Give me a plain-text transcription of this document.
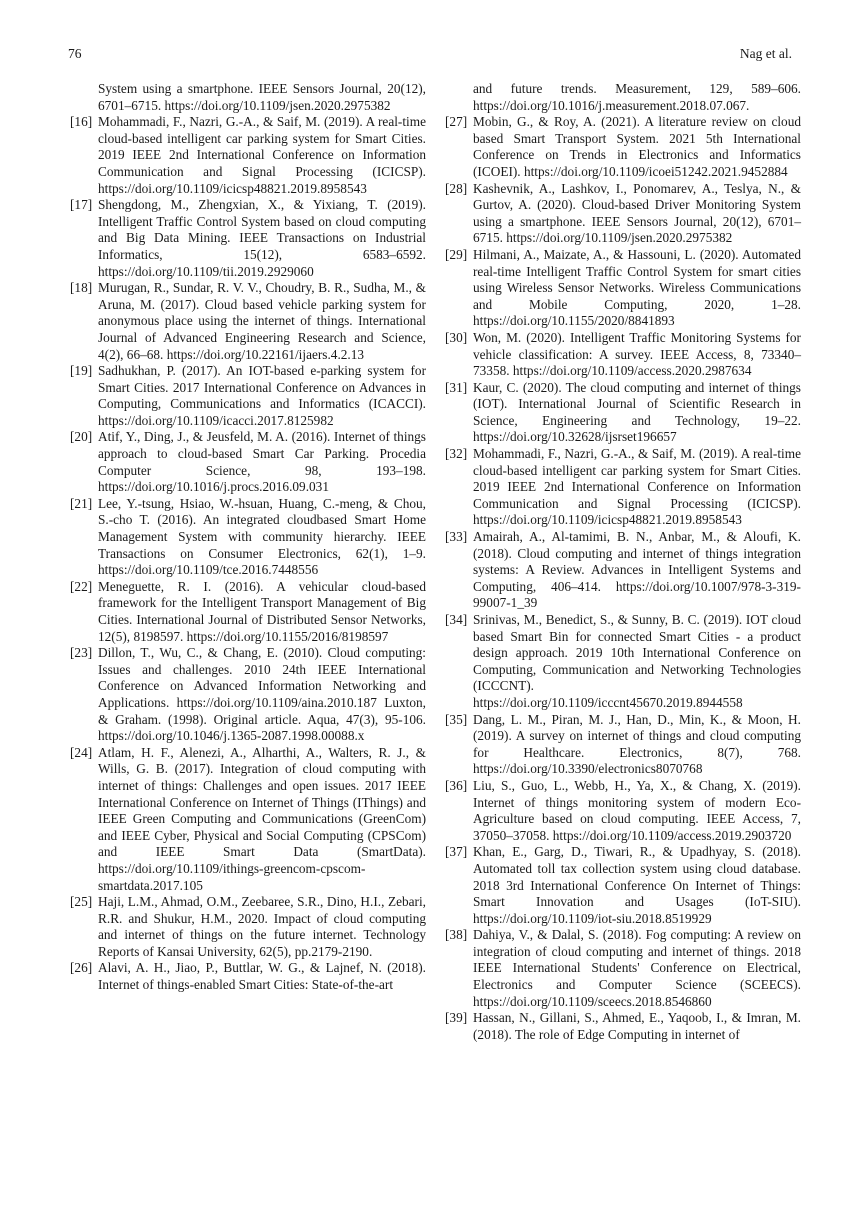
76	Nag et al.

System using a smartphone. IEEE Sensors Journal, 20(12), 6701–6715. https://doi.org/10.1109/jsen.2020.2975382

[16] Mohammadi, F., Nazri, G.-A., & Saif, M. (2019). A real-time cloud-based intelligent car parking system for Smart Cities. 2019 IEEE 2nd International Conference on Information Communication and Signal Processing (ICICSP). https://doi.org/10.1109/icicsp48821.2019.8958543

[17] Shengdong, M., Zhengxian, X., & Yixiang, T. (2019). Intelligent Traffic Control System based on cloud computing and Big Data Mining. IEEE Transactions on Industrial Informatics, 15(12), 6583–6592. https://doi.org/10.1109/tii.2019.2929060

[18] Murugan, R., Sundar, R. V. V., Choudry, B. R., Sudha, M., & Aruna, M. (2017). Cloud based vehicle parking system for anonymous place using the internet of things. International Journal of Advanced Engineering Research and Science, 4(2), 66–68. https://doi.org/10.22161/ijaers.4.2.13

[19] Sadhukhan, P. (2017). An IOT-based e-parking system for Smart Cities. 2017 International Conference on Advances in Computing, Communications and Informatics (ICACCI). https://doi.org/10.1109/icacci.2017.8125982

[20] Atif, Y., Ding, J., & Jeusfeld, M. A. (2016). Internet of things approach to cloud-based Smart Car Parking. Procedia Computer Science, 98, 193–198. https://doi.org/10.1016/j.procs.2016.09.031

[21] Lee, Y.-tsung, Hsiao, W.-hsuan, Huang, C.-meng, & Chou, S.-cho T. (2016). An integrated cloudbased Smart Home Management System with community hierarchy. IEEE Transactions on Consumer Electronics, 62(1), 1–9. https://doi.org/10.1109/tce.2016.7448556

[22] Meneguette, R. I. (2016). A vehicular cloud-based framework for the Intelligent Transport Management of Big Cities. International Journal of Distributed Sensor Networks, 12(5), 8198597. https://doi.org/10.1155/2016/8198597

[23] Dillon, T., Wu, C., & Chang, E. (2010). Cloud computing: Issues and challenges. 2010 24th IEEE International Conference on Advanced Information Networking and Applications. https://doi.org/10.1109/aina.2010.187 Luxton, & Graham. (1998). Original article. Aqua, 47(3), 95-106. https://doi.org/10.1046/j.1365-2087.1998.00088.x

[24] Atlam, H. F., Alenezi, A., Alharthi, A., Walters, R. J., & Wills, G. B. (2017). Integration of cloud computing with internet of things: Challenges and open issues. 2017 IEEE International Conference on Internet of Things (IThings) and IEEE Green Computing and Communications (GreenCom) and IEEE Cyber, Physical and Social Computing (CPSCom) and IEEE Smart Data (SmartData). https://doi.org/10.1109/ithings-greencom-cpscom-smartdata.2017.105

[25] Haji, L.M., Ahmad, O.M., Zeebaree, S.R., Dino, H.I., Zebari, R.R. and Shukur, H.M., 2020. Impact of cloud computing and internet of things on the future internet. Technology Reports of Kansai University, 62(5), pp.2179-2190.

[26] Alavi, A. H., Jiao, P., Buttlar, W. G., & Lajnef, N. (2018). Internet of things-enabled Smart Cities: State-of-the-art

and future trends. Measurement, 129, 589–606. https://doi.org/10.1016/j.measurement.2018.07.067.

[27] Mobin, G., & Roy, A. (2021). A literature review on cloud based Smart Transport System. 2021 5th International Conference on Trends in Electronics and Informatics (ICOEI). https://doi.org/10.1109/icoei51242.2021.9452884

[28] Kashevnik, A., Lashkov, I., Ponomarev, A., Teslya, N., & Gurtov, A. (2020). Cloud-based Driver Monitoring System using a smartphone. IEEE Sensors Journal, 20(12), 6701–6715. https://doi.org/10.1109/jsen.2020.2975382

[29] Hilmani, A., Maizate, A., & Hassouni, L. (2020). Automated real-time Intelligent Traffic Control System for smart cities using Wireless Sensor Networks. Wireless Communications and Mobile Computing, 2020, 1–28. https://doi.org/10.1155/2020/8841893

[30] Won, M. (2020). Intelligent Traffic Monitoring Systems for vehicle classification: A survey. IEEE Access, 8, 73340–73358. https://doi.org/10.1109/access.2020.2987634

[31] Kaur, C. (2020). The cloud computing and internet of things (IOT). International Journal of Scientific Research in Science, Engineering and Technology, 19–22. https://doi.org/10.32628/ijsrset196657

[32] Mohammadi, F., Nazri, G.-A., & Saif, M. (2019). A real-time cloud-based intelligent car parking system for Smart Cities. 2019 IEEE 2nd International Conference on Information Communication and Signal Processing (ICICSP). https://doi.org/10.1109/icicsp48821.2019.8958543

[33] Amairah, A., Al-tamimi, B. N., Anbar, M., & Aloufi, K. (2018). Cloud computing and internet of things integration systems: A Review. Advances in Intelligent Systems and Computing, 406–414. https://doi.org/10.1007/978-3-319-99007-1_39

[34] Srinivas, M., Benedict, S., & Sunny, B. C. (2019). IOT cloud based Smart Bin for connected Smart Cities - a product design approach. 2019 10th International Conference on Computing, Communication and Networking Technologies (ICCCNT). https://doi.org/10.1109/icccnt45670.2019.8944558

[35] Dang, L. M., Piran, M. J., Han, D., Min, K., & Moon, H. (2019). A survey on internet of things and cloud computing for Healthcare. Electronics, 8(7), 768. https://doi.org/10.3390/electronics8070768

[36] Liu, S., Guo, L., Webb, H., Ya, X., & Chang, X. (2019). Internet of things monitoring system of modern Eco-Agriculture based on cloud computing. IEEE Access, 7, 37050–37058. https://doi.org/10.1109/access.2019.2903720

[37] Khan, E., Garg, D., Tiwari, R., & Upadhyay, S. (2018). Automated toll tax collection system using cloud database. 2018 3rd International Conference On Internet of Things: Smart Innovation and Usages (IoT-SIU). https://doi.org/10.1109/iot-siu.2018.8519929

[38] Dahiya, V., & Dalal, S. (2018). Fog computing: A review on integration of cloud computing and internet of things. 2018 IEEE International Students' Conference on Electrical, Electronics and Computer Science (SCEECS). https://doi.org/10.1109/sceecs.2018.8546860

[39] Hassan, N., Gillani, S., Ahmed, E., Yaqoob, I., & Imran, M. (2018). The role of Edge Computing in internet of
